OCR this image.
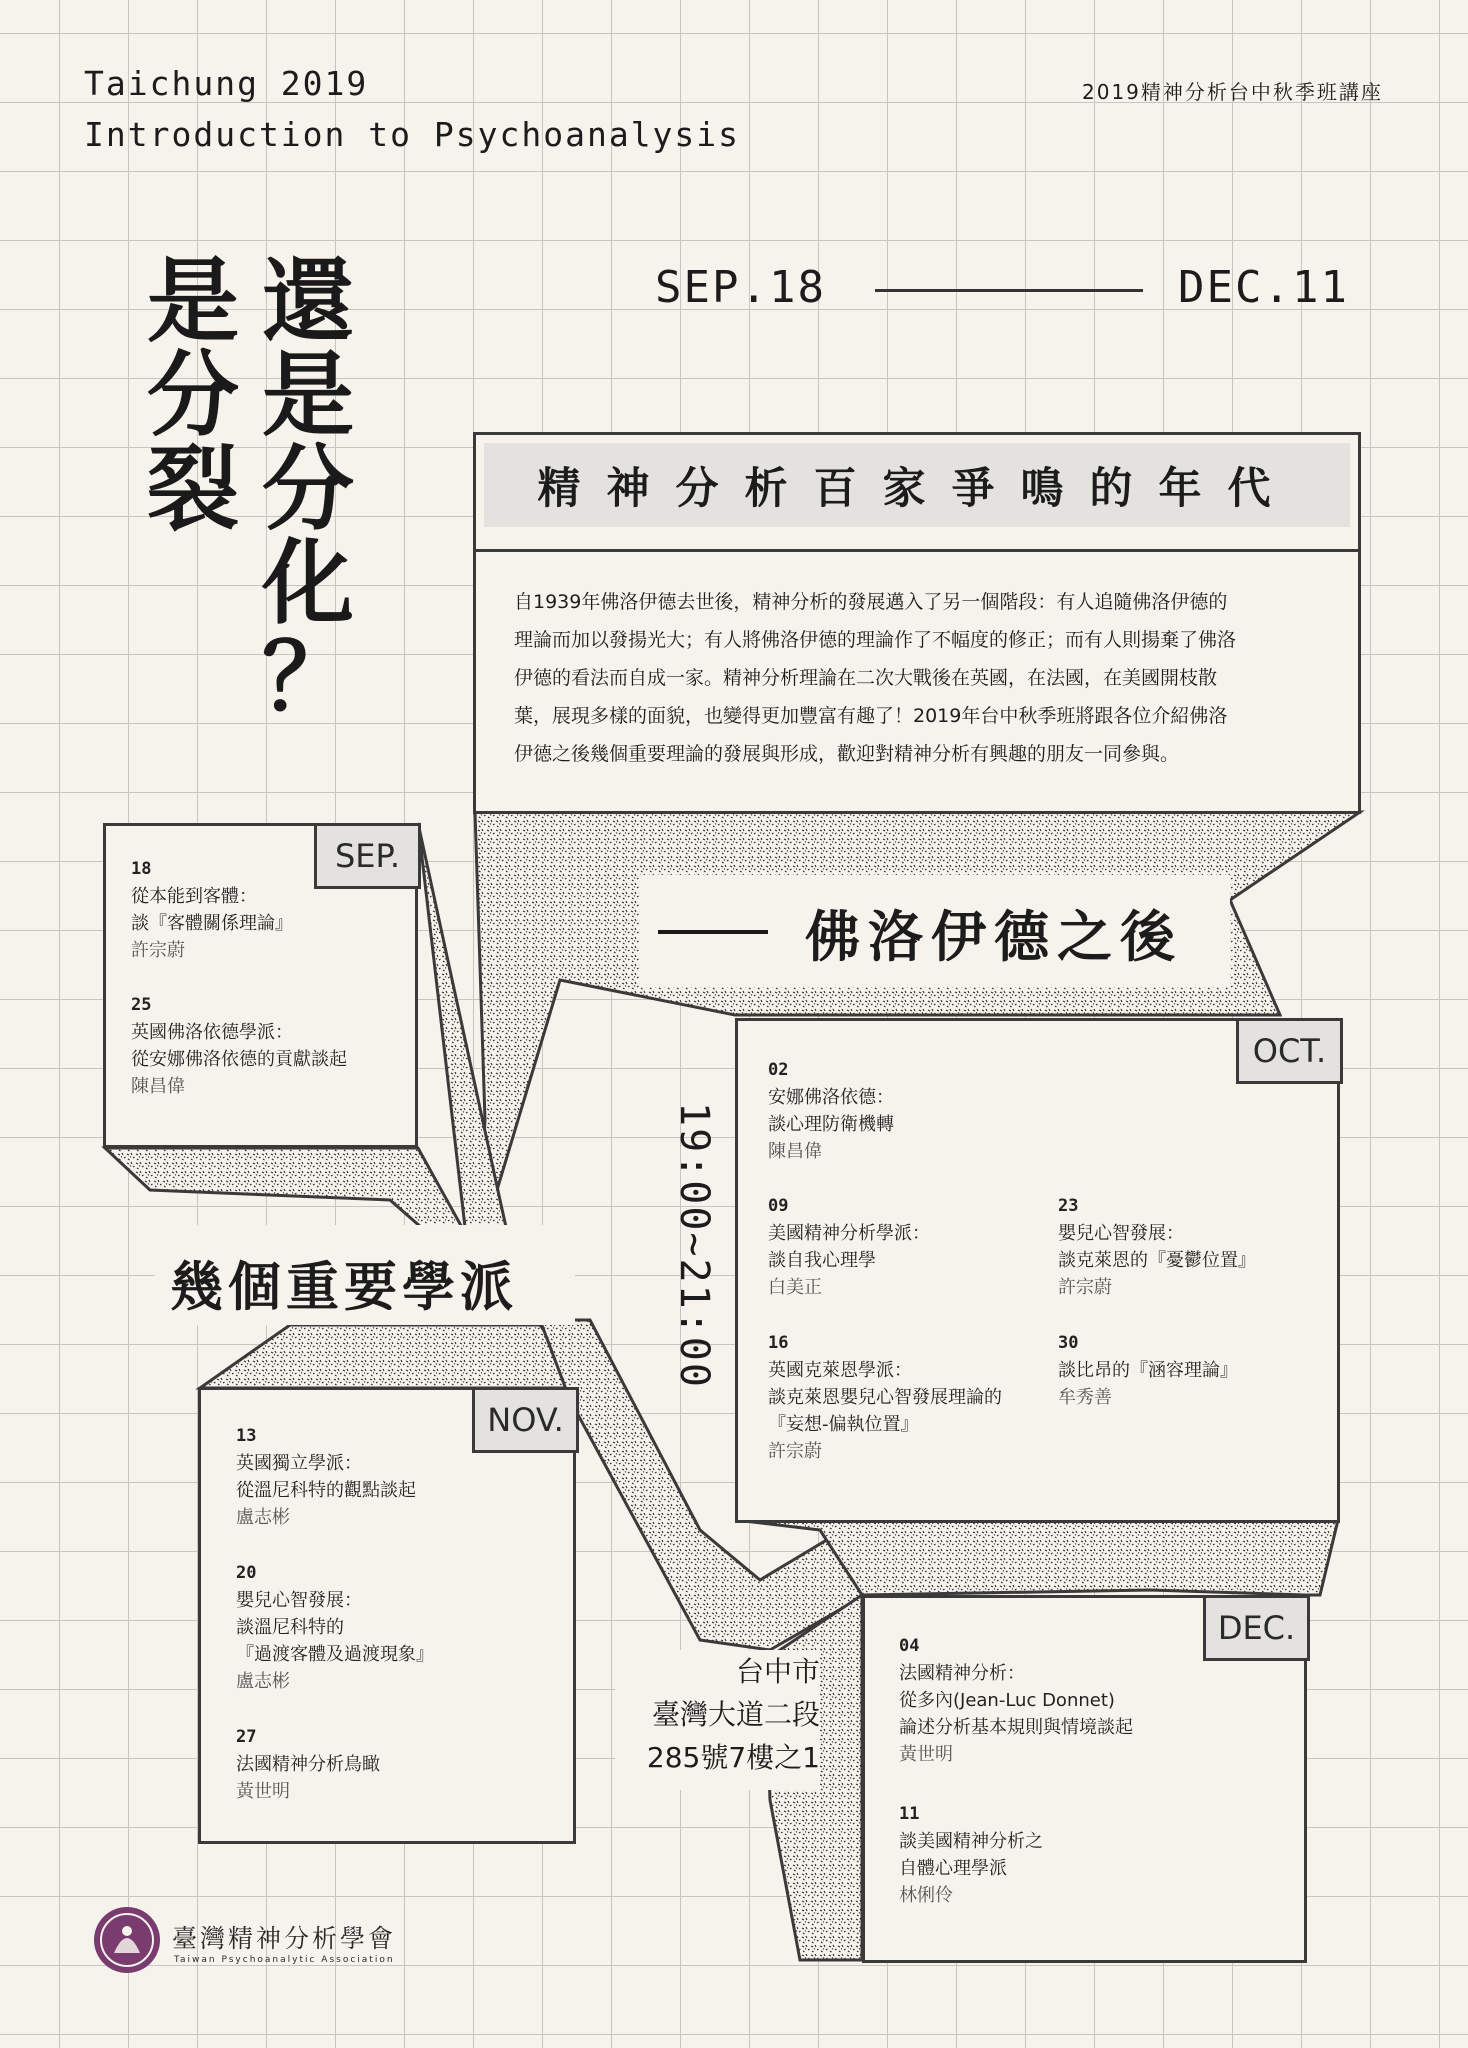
Taichung 2019
Introduction to Psychoanalysis
2019精神分析台中秋季班講座
還
是
分
化
？
是
分
裂
SEP.18	DEC.11
精神分析百家爭鳴的年代
自1939年佛洛伊德去世後，精神分析的發展邁入了另一個階段：有人追隨佛洛伊德的
理論而加以發揚光大；有人將佛洛伊德的理論作了不幅度的修正；而有人則揚棄了佛洛
伊德的看法而自成一家。精神分析理論在二次大戰後在英國，在法國，在美國開枝散
葉，展現多樣的面貌，也變得更加豐富有趣了！2019年台中秋季班將跟各位介紹佛洛
伊德之後幾個重要理論的發展與形成，歡迎對精神分析有興趣的朋友一同參與。
佛洛伊德之後
SEP.
18
從本能到客體：
談『客體關係理論』
許宗蔚
25
英國佛洛依德學派：
從安娜佛洛依德的貢獻談起
陳昌偉
幾個重要學派	19:00~21:00
OCT.
02
安娜佛洛依德：
談心理防衛機轉
陳昌偉
09
美國精神分析學派：
談自我心理學
白美正
16
英國克萊恩學派：
談克萊恩嬰兒心智發展理論的
『妄想-偏執位置』
許宗蔚
23
嬰兒心智發展：
談克萊恩的『憂鬱位置』
許宗蔚
30
談比昂的『涵容理論』
牟秀善
NOV.
13
英國獨立學派：
從溫尼科特的觀點談起
盧志彬
20
嬰兒心智發展：
談溫尼科特的
『過渡客體及過渡現象』
盧志彬
27
法國精神分析鳥瞰
黃世明
台中市
臺灣大道二段
285號7樓之1
DEC.
04
法國精神分析：
從多內(Jean-Luc Donnet)
論述分析基本規則與情境談起
黃世明
11
談美國精神分析之
自體心理學派
林俐伶
臺灣精神分析學會
Taiwan Psychoanalytic Association
